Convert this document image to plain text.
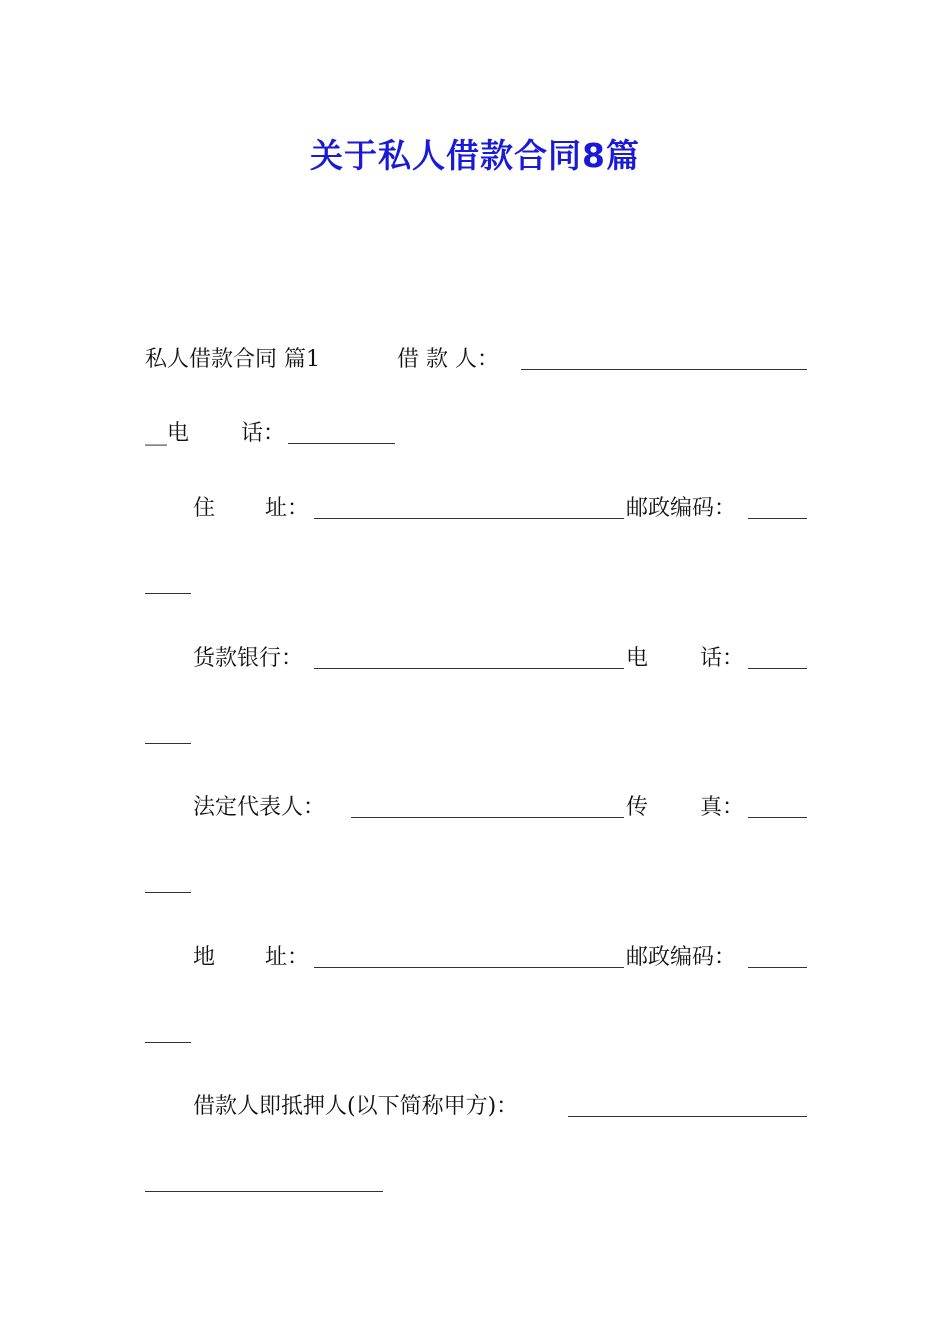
关于私人借款合同8篇
私人借款合同 篇1	借 款 人：
__电 话：
住 址：	邮政编码：
货款银行：	电 话：
法定代表人：	传 真：
地 址：	邮政编码：
借款人即抵押人(以下简称甲方)：
